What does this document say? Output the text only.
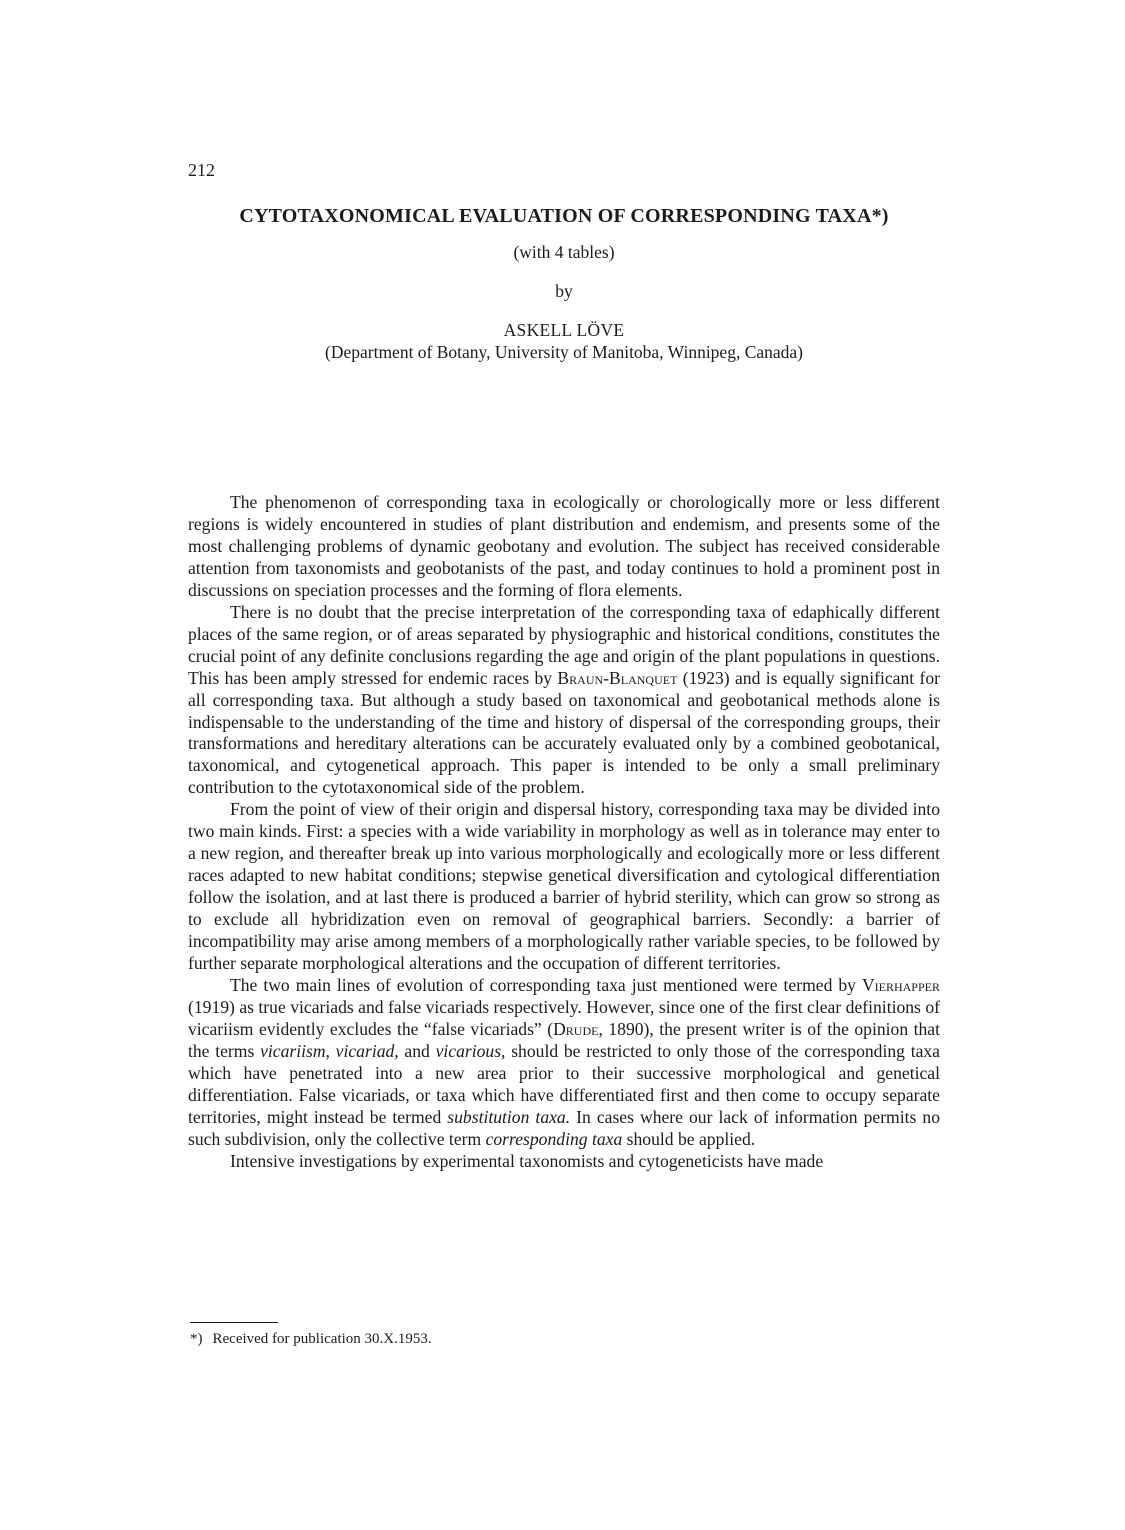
212
CYTOTAXONOMICAL EVALUATION OF CORRESPONDING TAXA*)
(with 4 tables)
by
ASKELL LÖVE
(Department of Botany, University of Manitoba, Winnipeg, Canada)

The phenomenon of corresponding taxa in ecologically or chorologically more or less different regions is widely encountered in studies of plant distribution and endemism, and presents some of the most challenging problems of dynamic geobotany and evolution. The subject has received considerable attention from taxonomists and geobotanists of the past, and today continues to hold a prominent post in discussions on speciation processes and the forming of flora elements.

There is no doubt that the precise interpretation of the corresponding taxa of edaphically different places of the same region, or of areas separated by physiographic and historical conditions, constitutes the crucial point of any definite conclusions regarding the age and origin of the plant populations in questions. This has been amply stressed for endemic races by Braun-Blanquet (1923) and is equally significant for all corresponding taxa. But although a study based on taxonomical and geobotanical methods alone is indispensable to the understanding of the time and history of dispersal of the corresponding groups, their transformations and hereditary alterations can be accurately evaluated only by a combined geobotanical, taxonomical, and cytogenetical approach. This paper is intended to be only a small preliminary contribution to the cytotaxonomical side of the problem.

From the point of view of their origin and dispersal history, corresponding taxa may be divided into two main kinds. First: a species with a wide variability in morphology as well as in tolerance may enter to a new region, and thereafter break up into various morphologically and ecologically more or less different races adapted to new habitat conditions; stepwise genetical diversification and cytological differentiation follow the isolation, and at last there is produced a barrier of hybrid sterility, which can grow so strong as to exclude all hybridization even on removal of geographical barriers. Secondly: a barrier of incompatibility may arise among members of a morphologically rather variable species, to be followed by further separate morphological alterations and the occupation of different territories.

The two main lines of evolution of corresponding taxa just mentioned were termed by Vierhapper (1919) as true vicariads and false vicariads respectively. However, since one of the first clear definitions of vicariism evidently excludes the “false vicariads” (Drude, 1890), the present writer is of the opinion that the terms vicariism, vicariad, and vicarious, should be restricted to only those of the corresponding taxa which have penetrated into a new area prior to their successive morphological and genetical differentiation. False vicariads, or taxa which have differentiated first and then come to occupy separate territories, might instead be termed substitution taxa. In cases where our lack of information permits no such subdivision, only the collective term corresponding taxa should be applied.

Intensive investigations by experimental taxonomists and cytogeneticists have made

*) Received for publication 30.X.1953.
